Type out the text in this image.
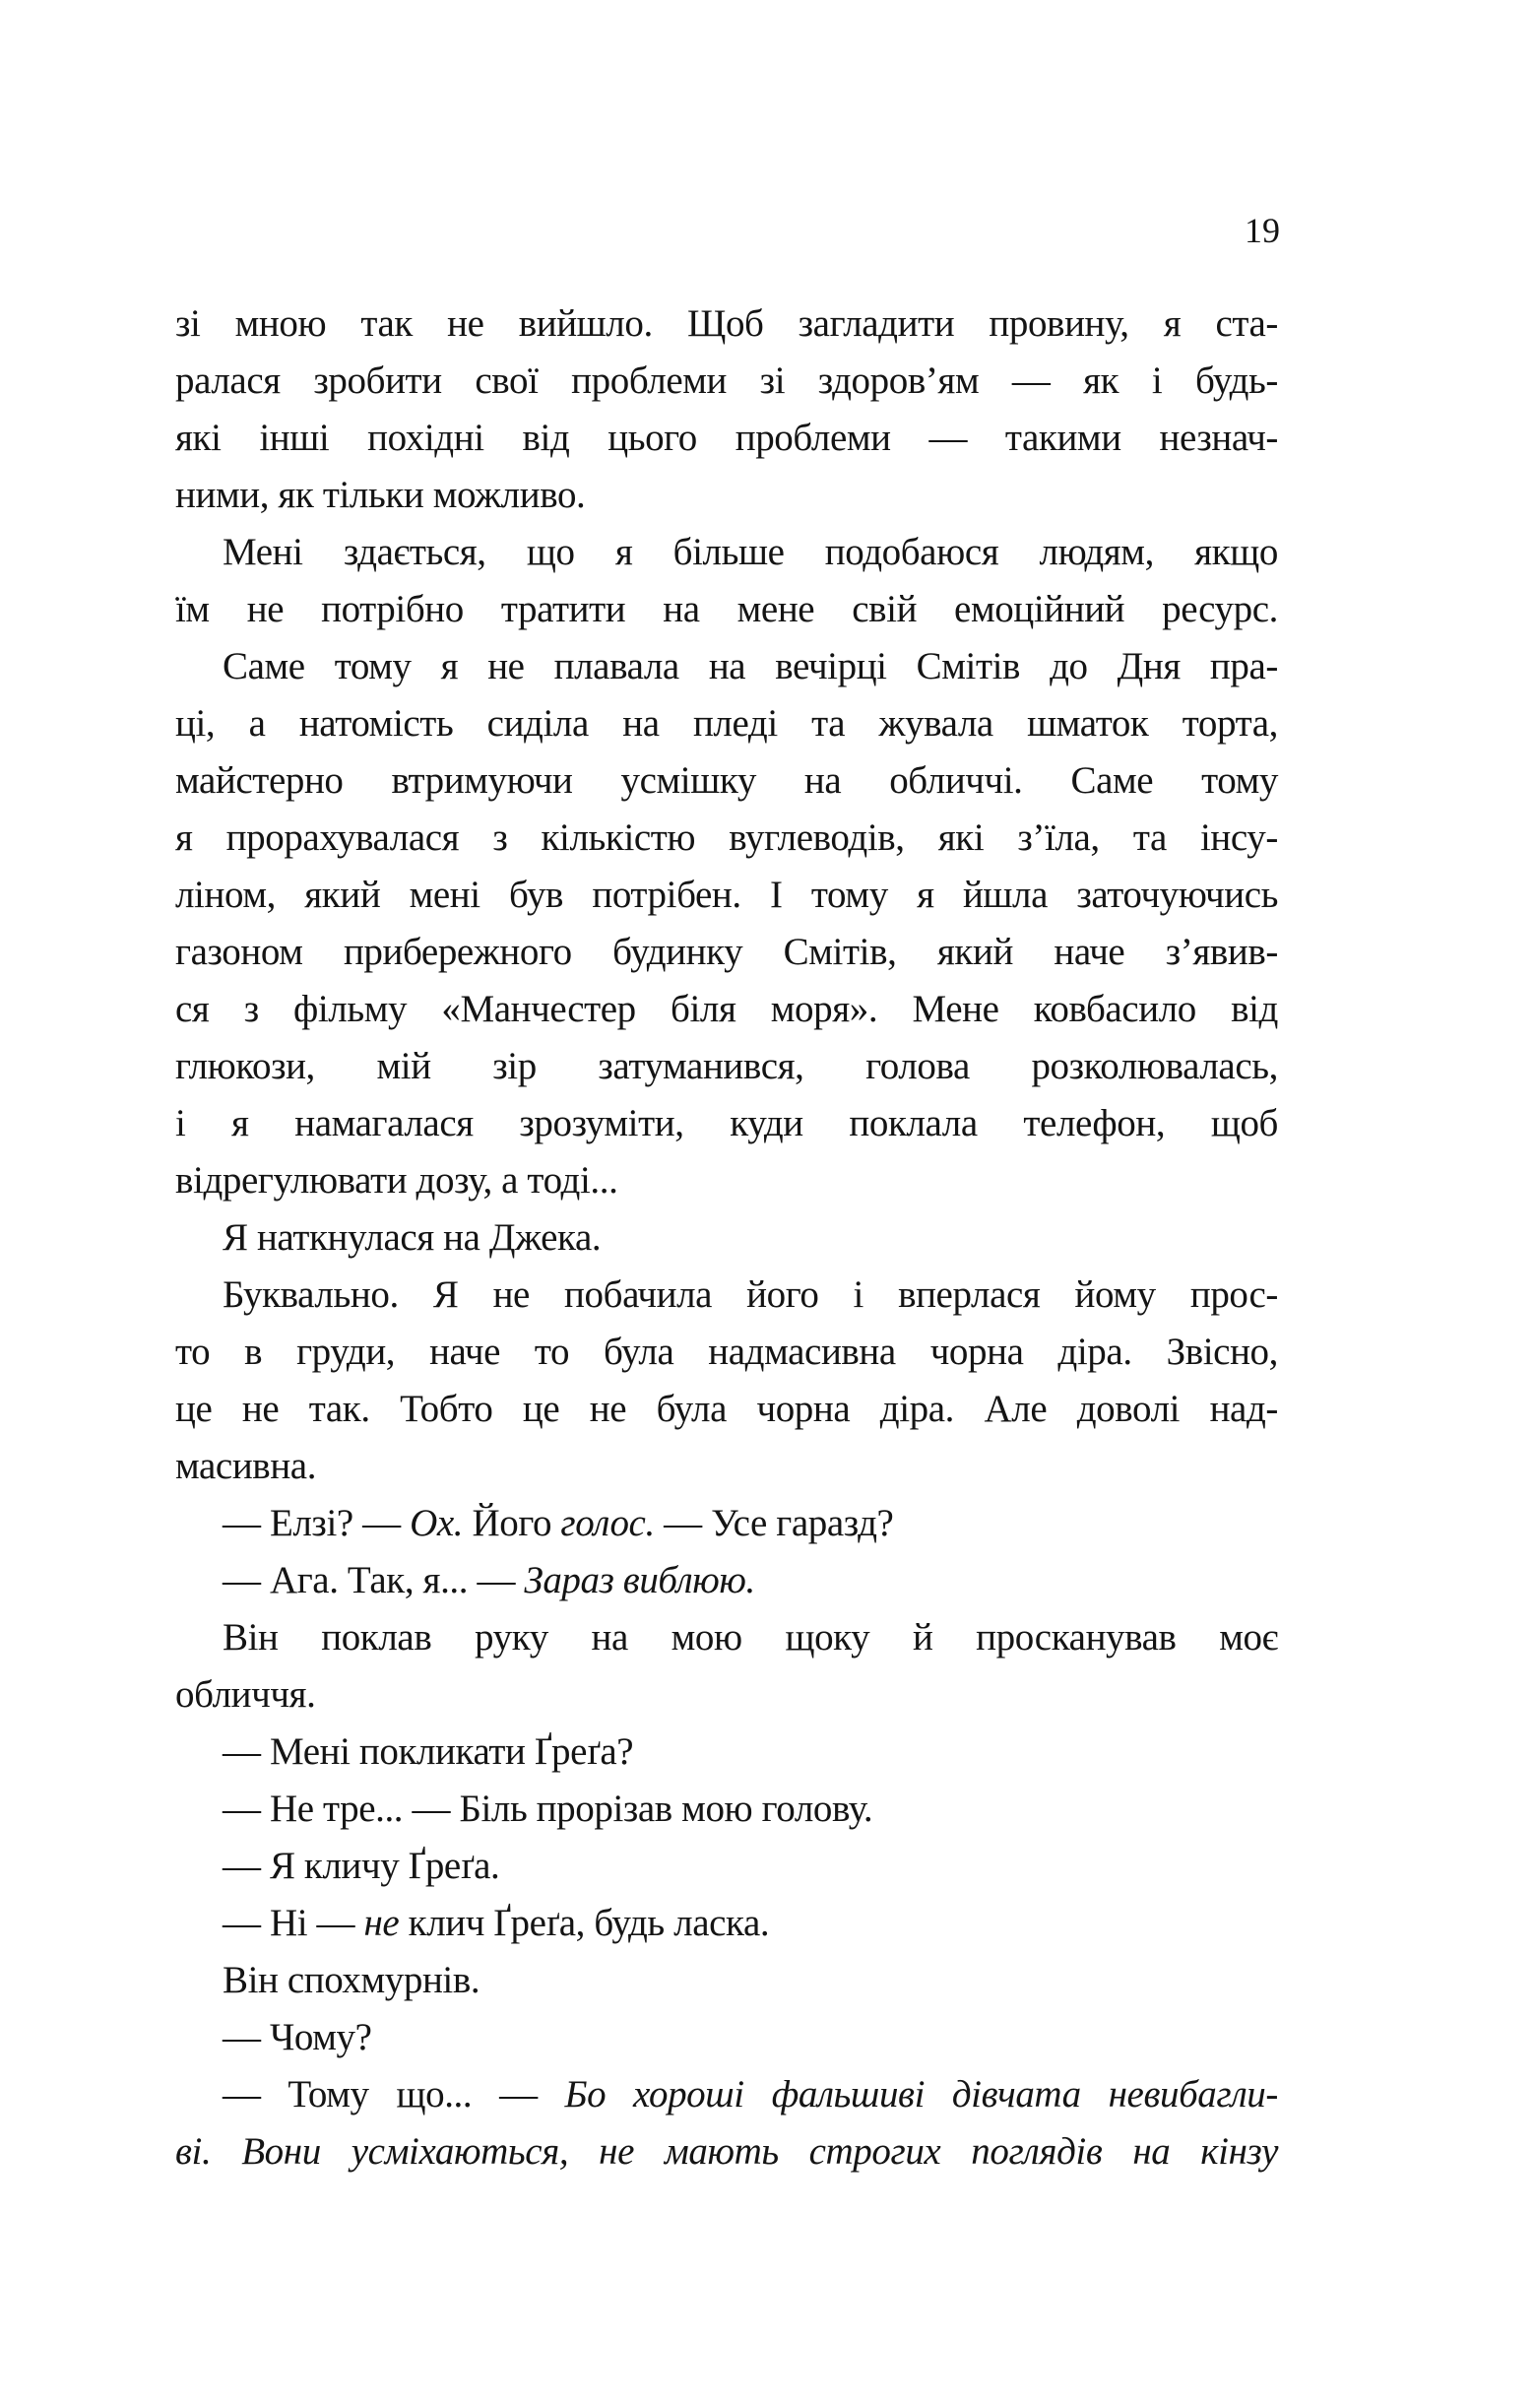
19
зі мною так не вийшло. Щоб загладити провину, я ста-
ралася зробити свої проблеми зі здоров’ям — як і будь-
які інші похідні від цього проблеми — такими незнач-
ними, як тільки можливо.
Мені здається, що я більше подобаюся людям, якщо
їм не потрібно тратити на мене свій емоційний ресурс.
Саме тому я не плавала на вечірці Смітів до Дня пра-
ці, а натомість сиділа на пледі та жувала шматок торта,
майстерно втримуючи усмішку на обличчі. Саме тому
я прорахувалася з кількістю вуглеводів, які з’їла, та інсу-
ліном, який мені був потрібен. І тому я йшла заточуючись
газоном прибережного будинку Смітів, який наче з’явив-
ся з фільму «Манчестер біля моря». Мене ковбасило від
глюкози, мій зір затуманився, голова розколювалась,
і я намагалася зрозуміти, куди поклала телефон, щоб
відрегулювати дозу, а тоді...
Я наткнулася на Джека.
Буквально. Я не побачила його і вперлася йому прос-
то в груди, наче то була надмасивна чорна діра. Звісно,
це не так. Тобто це не була чорна діра. Але доволі над-
масивна.
— Елзі? — Ох. Його голос. — Усе гаразд?
— Ага. Так, я... — Зараз виблюю.
Він поклав руку на мою щоку й просканував моє
обличчя.
— Мені покликати Ґреґа?
— Не тре... — Біль прорізав мою голову.
— Я кличу Ґреґа.
— Ні — не клич Ґреґа, будь ласка.
Він спохмурнів.
— Чому?
— Тому що... — Бо хороші фальшиві дівчата невибагли-
ві. Вони усміхаються, не мають строгих поглядів на кінзу
